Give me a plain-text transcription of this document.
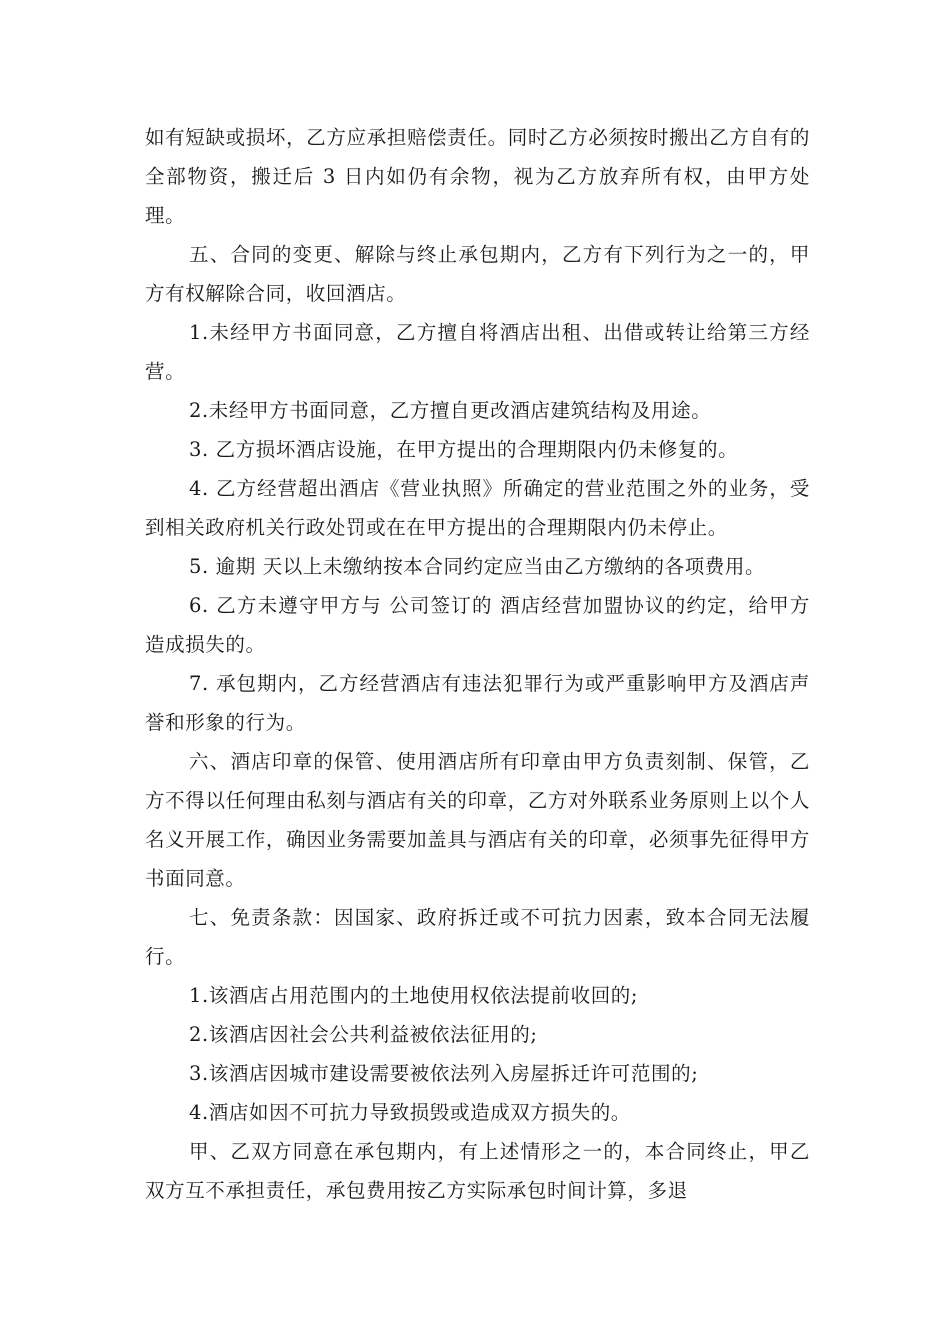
如有短缺或损坏，乙方应承担赔偿责任。同时乙方必须按时搬出乙方自有的全部物资，搬迁后 3 日内如仍有余物，视为乙方放弃所有权，由甲方处理。

五、合同的变更、解除与终止承包期内，乙方有下列行为之一的，甲方有权解除合同，收回酒店。

1.未经甲方书面同意，乙方擅自将酒店出租、出借或转让给第三方经营。

2.未经甲方书面同意，乙方擅自更改酒店建筑结构及用途。

3. 乙方损坏酒店设施，在甲方提出的合理期限内仍未修复的。

4. 乙方经营超出酒店《营业执照》所确定的营业范围之外的业务，受到相关政府机关行政处罚或在在甲方提出的合理期限内仍未停止。

5. 逾期 天以上未缴纳按本合同约定应当由乙方缴纳的各项费用。

6. 乙方未遵守甲方与 公司签订的 酒店经营加盟协议的约定，给甲方造成损失的。

7. 承包期内，乙方经营酒店有违法犯罪行为或严重影响甲方及酒店声誉和形象的行为。

六、酒店印章的保管、使用酒店所有印章由甲方负责刻制、保管，乙方不得以任何理由私刻与酒店有关的印章，乙方对外联系业务原则上以个人名义开展工作，确因业务需要加盖具与酒店有关的印章，必须事先征得甲方书面同意。

七、免责条款：因国家、政府拆迁或不可抗力因素，致本合同无法履行。

1.该酒店占用范围内的土地使用权依法提前收回的;

2.该酒店因社会公共利益被依法征用的;

3.该酒店因城市建设需要被依法列入房屋拆迁许可范围的;

4.酒店如因不可抗力导致损毁或造成双方损失的。

甲、乙双方同意在承包期内，有上述情形之一的，本合同终止，甲乙双方互不承担责任，承包费用按乙方实际承包时间计算，多退
